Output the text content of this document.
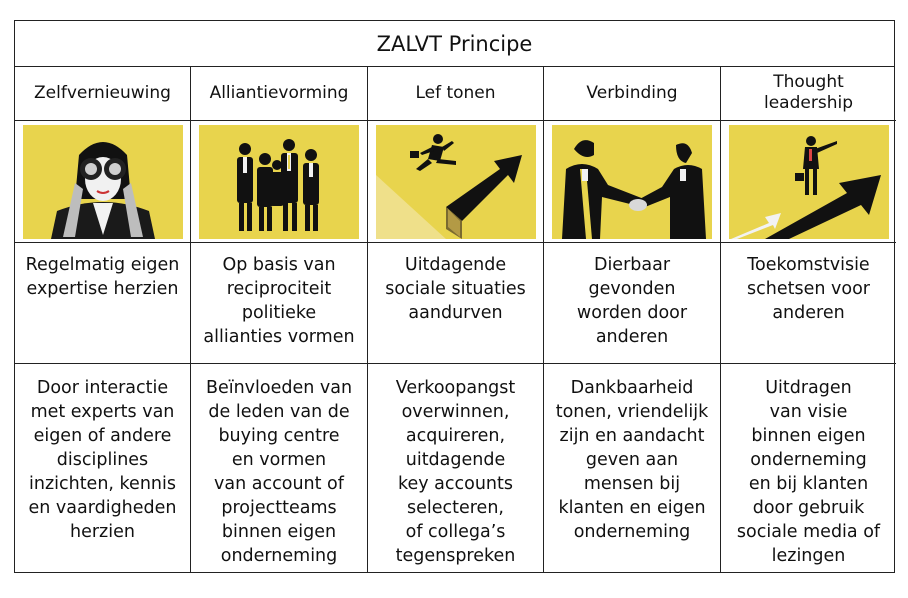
ZALVT Principe
Zelfvernieuwing Alliantievorming	Lef tonen	Verbinding
Thought
leadership
Regelmatig eigen
expertise herzien
Op basis van
reciprociteit
politieke
allianties vormen
Uitdagende
sociale situaties
aandurven
Dierbaar
gevonden
worden door
anderen
Toekomstvisie
schetsen voor
anderen
Door interactie
met experts van
eigen of andere
disciplines
inzichten, kennis
en vaardigheden
herzien
Beïnvloeden van
de leden van de
buying centre
en vormen
van account of
projectteams
binnen eigen
onderneming
Verkoopangst
overwinnen,
acquireren,
uitdagende
key accounts
selecteren,
of collega’s
tegenspreken
Dankbaarheid
tonen, vriendelijk
zijn en aandacht
geven aan
mensen bij
klanten en eigen
onderneming
Uitdragen
van visie
binnen eigen
onderneming
en bij klanten
door gebruik
sociale media of
lezingen
